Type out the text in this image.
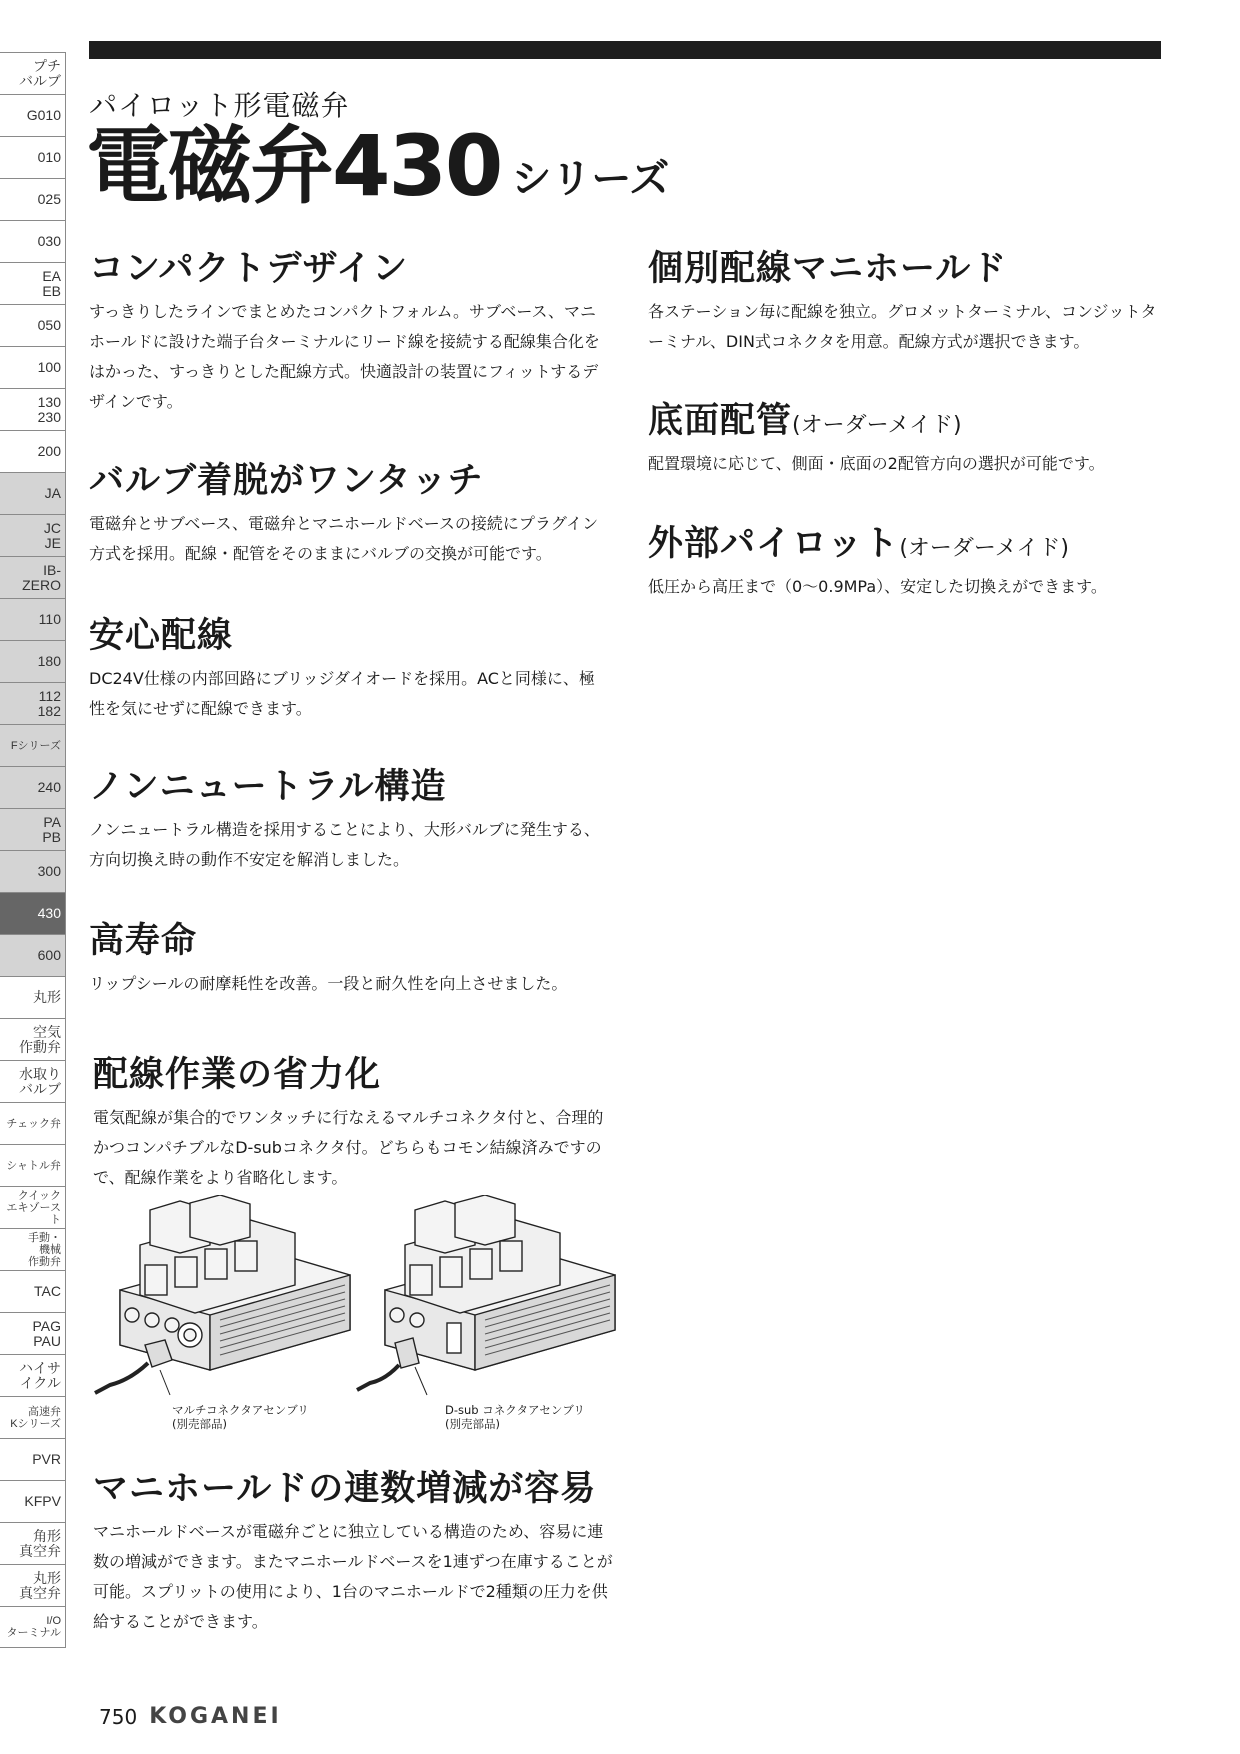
プチ
バルブ
G010
010
025
030
EA
EB
050
100
130
230
200
JA
JC
JE
IB-
ZERO
110
180
112
182
Fシリーズ
240
PA
PB
300
430
600
丸形
空気
作動弁
水取り
バルブ
チェック弁
シャトル弁
クイック
エキゾースト
手動・
機械
作動弁
TAC
PAG
PAU
ハイサ
イクル
高速弁
Kシリーズ
PVR
KFPV
角形
真空弁
丸形
真空弁
I/O
ターミナル
パイロット形電磁弁
電磁弁430 シリーズ
コンパクトデザイン

すっきりしたラインでまとめたコンパクトフォルム。サブベース、マニホールドに設けた端子台ターミナルにリード線を接続する配線集合化をはかった、すっきりとした配線方式。快適設計の装置にフィットするデザインです。

バルブ着脱がワンタッチ

電磁弁とサブベース、電磁弁とマニホールドベースの接続にプラグイン方式を採用。配線・配管をそのままにバルブの交換が可能です。

安心配線

DC24V仕様の内部回路にブリッジダイオードを採用。ACと同様に、極性を気にせずに配線できます。

ノンニュートラル構造

ノンニュートラル構造を採用することにより、大形バルブに発生する、方向切換え時の動作不安定を解消しました。

高寿命

リップシールの耐摩耗性を改善。一段と耐久性を向上させました。

配線作業の省力化

電気配線が集合的でワンタッチに行なえるマルチコネクタ付と、合理的かつコンパチブルなD-subコネクタ付。どちらもコモン結線済みですので、配線作業をより省略化します。

マルチコネクタアセンブリ
(別売部品)
D-sub コネクタアセンブリ
(別売部品)
マニホールドの連数増減が容易

マニホールドベースが電磁弁ごとに独立している構造のため、容易に連数の増減ができます。またマニホールドベースを1連ずつ在庫することが可能。スプリットの使用により、1台のマニホールドで2種類の圧力を供給することができます。

個別配線マニホールド

各ステーション毎に配線を独立。グロメットターミナル、コンジットターミナル、DIN式コネクタを用意。配線方式が選択できます。

底面配管(オーダーメイド)

配置環境に応じて、側面・底面の2配管方向の選択が可能です。

外部パイロット(オーダーメイド)

低圧から高圧まで（0〜0.9MPa）、安定した切換えができます。

750 KOGANEI
